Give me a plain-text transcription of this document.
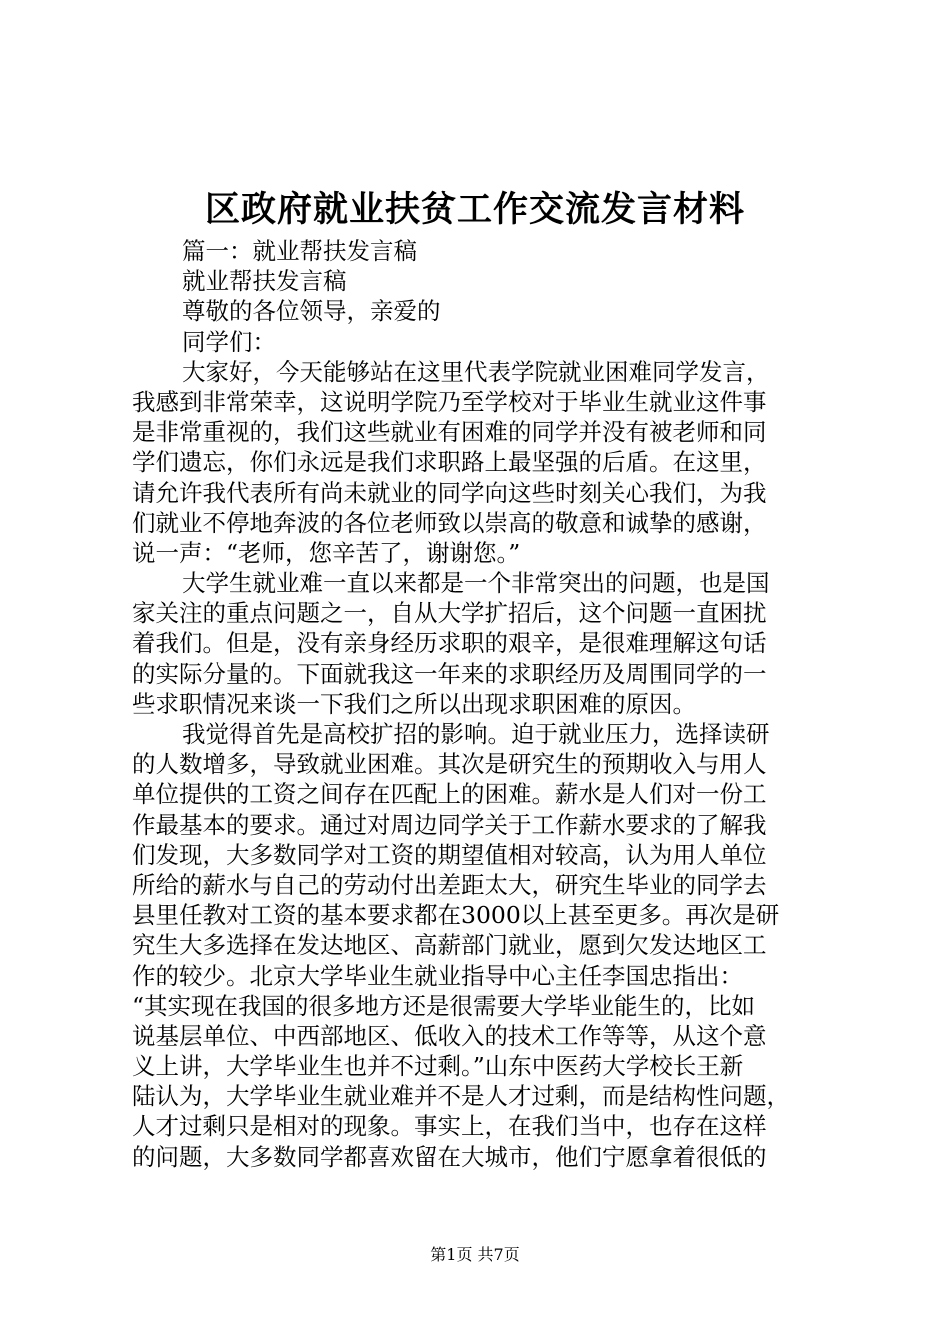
区政府就业扶贫工作交流发言材料
篇一：就业帮扶发言稿
就业帮扶发言稿
尊敬的各位领导，亲爱的
同学们：
大家好，今天能够站在这里代表学院就业困难同学发言，
我感到非常荣幸，这说明学院乃至学校对于毕业生就业这件事
是非常重视的，我们这些就业有困难的同学并没有被老师和同
学们遗忘，你们永远是我们求职路上最坚强的后盾。在这里，
请允许我代表所有尚未就业的同学向这些时刻关心我们，为我
们就业不停地奔波的各位老师致以崇高的敬意和诚挚的感谢，
说一声：“老师，您辛苦了，谢谢您。”
大学生就业难一直以来都是一个非常突出的问题，也是国
家关注的重点问题之一，自从大学扩招后，这个问题一直困扰
着我们。但是，没有亲身经历求职的艰辛，是很难理解这句话
的实际分量的。下面就我这一年来的求职经历及周围同学的一
些求职情况来谈一下我们之所以出现求职困难的原因。
我觉得首先是高校扩招的影响。迫于就业压力，选择读研
的人数增多，导致就业困难。其次是研究生的预期收入与用人
单位提供的工资之间存在匹配上的困难。薪水是人们对一份工
作最基本的要求。通过对周边同学关于工作薪水要求的了解我
们发现，大多数同学对工资的期望值相对较高，认为用人单位
所给的薪水与自己的劳动付出差距太大，研究生毕业的同学去
县里任教对工资的基本要求都在3000以上甚至更多。再次是研
究生大多选择在发达地区、高薪部门就业，愿到欠发达地区工
作的较少。北京大学毕业生就业指导中心主任李国忠指出：
“其实现在我国的很多地方还是很需要大学毕业能生的，比如
说基层单位、中西部地区、低收入的技术工作等等，从这个意
义上讲，大学毕业生也并不过剩。”山东中医药大学校长王新
陆认为，大学毕业生就业难并不是人才过剩，而是结构性问题，
人才过剩只是相对的现象。事实上，在我们当中，也存在这样
的问题，大多数同学都喜欢留在大城市，他们宁愿拿着很低的
第1页 共7页
